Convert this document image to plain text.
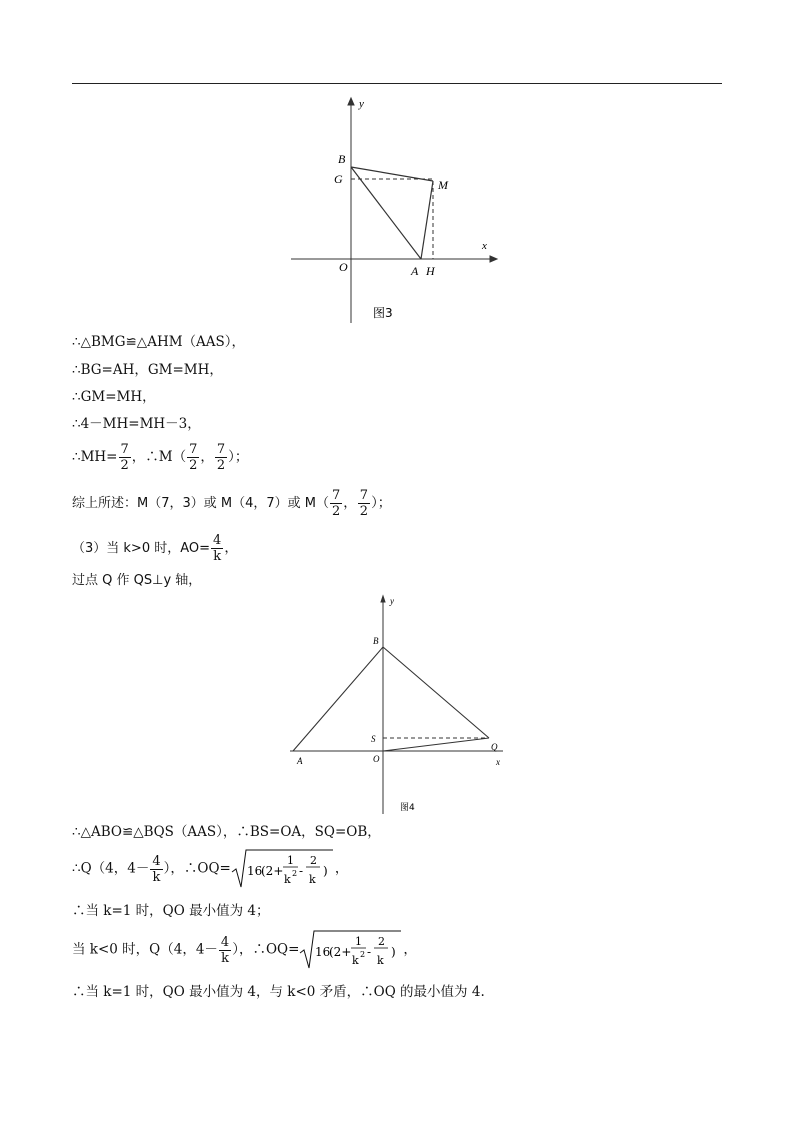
y
x
B
G	M
O	A H
图3
∴△BMG≌△AHM（AAS），
∴BG=AH，GM=MH，
∴GM=MH，
∴4－MH=MH－3，
∴MH= $\frac{7}{2}$ ，∴M（ $\frac{7}{2}$ ， $\frac{7}{2}$ ）；
综上所述：M（7，3）或 M（4，7）或 $M( \frac{7}{2}$ ， $\frac{7}{2}$ ）；
（3）当 k>0 时，$AO= \frac{4}{k}$ ，
过点 Q 作 QS⊥y 轴，
y
x
B
S
Q
O
A
图4
∴△ABO≌△BQS（AAS），∴BS=OA，SQ=OB，
∴Q（4，$4- \frac{4}{k}$ ），∴OQ= 16
(2+
1
k 2 -
2
k
) ，
∴当 k=1 时，QO 最小值为 4；
当 k<0 时，Q（4，$4- \frac{4}{k}$ ），∴OQ= 16
(2+
1
k 2 -
2
k
) ，
∴当 k=1 时，QO 最小值为 4，与 k<0 矛盾，∴OQ 的最小值为 4.
